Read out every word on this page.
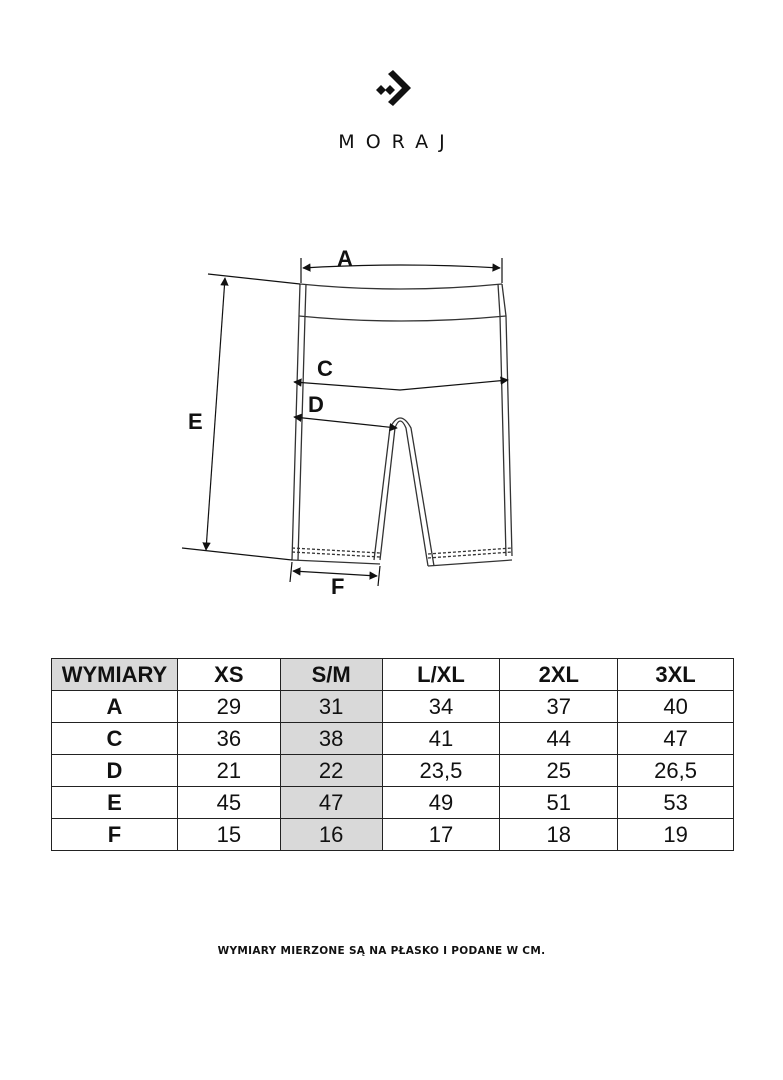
MORAJ
A
C
D
E
F
WYMIARY	XS	S/M	L/XL	2XL	3XL
A	29	31	34	37	40
C	36	38	41	44	47
D	21	22	23,5	25	26,5
E	45	47	49	51	53
F	15	16	17	18	19
WYMIARY MIERZONE SĄ NA PŁASKO I PODANE W CM.
